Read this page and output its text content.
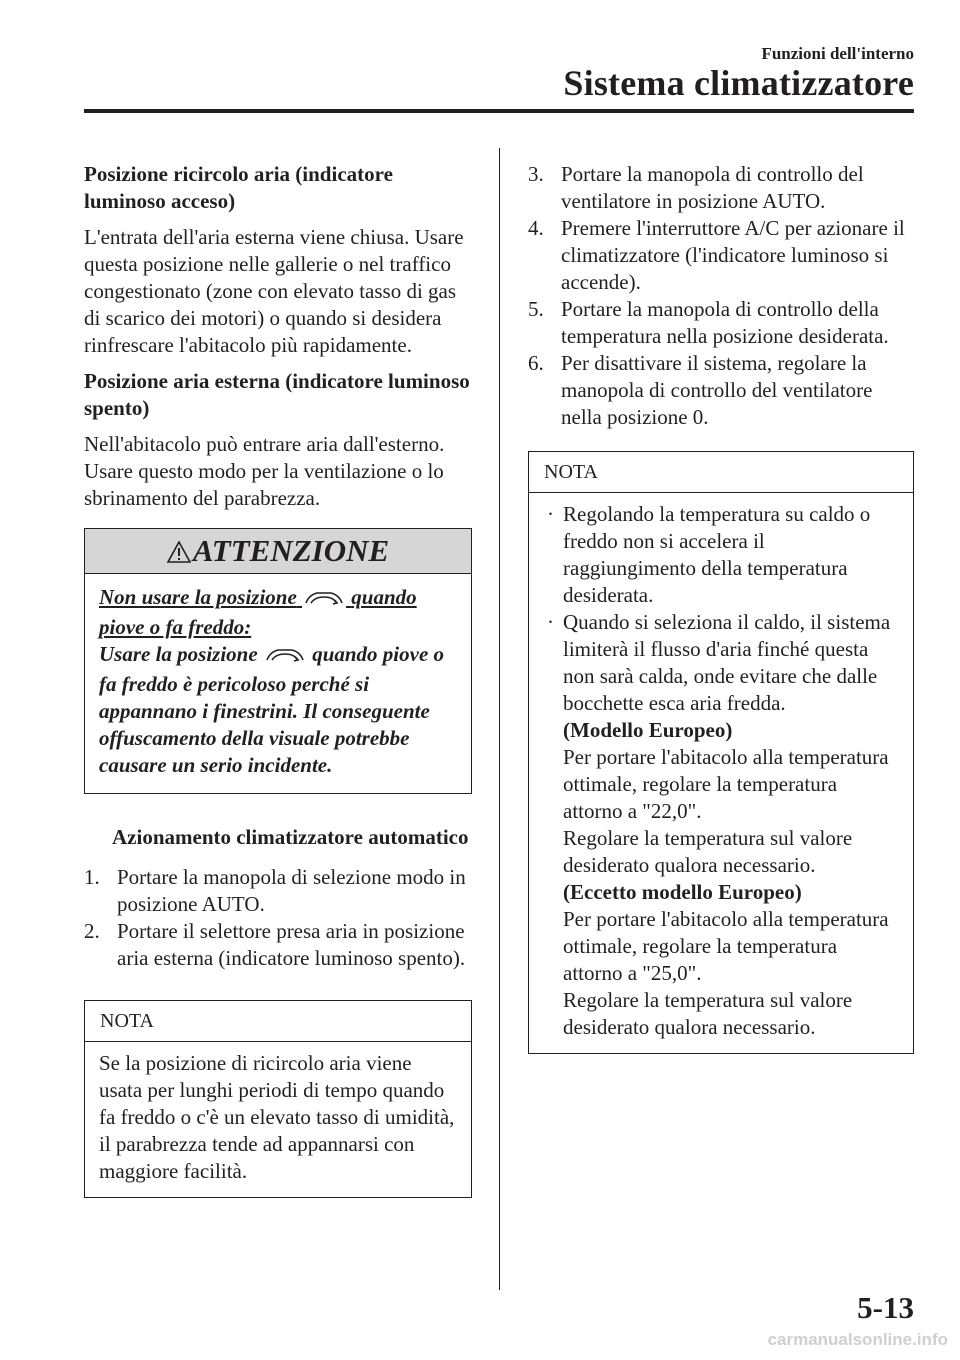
Funzioni dell'interno
Sistema climatizzatore
Posizione ricircolo aria (indicatore luminoso acceso)
L'entrata dell'aria esterna viene chiusa. Usare questa posizione nelle gallerie o nel traffico congestionato (zone con elevato tasso di gas di scarico dei motori) o quando si desidera rinfrescare l'abitacolo più rapidamente.
Posizione aria esterna (indicatore luminoso spento)
Nell'abitacolo può entrare aria dall'esterno. Usare questo modo per la ventilazione o lo sbrinamento del parabrezza.
ATTENZIONE
Non usare la posizione	quando piove o fa freddo:
Usare la posizione	quando piove o fa freddo è pericoloso perché si appannano i finestrini. Il conseguente offuscamento della visuale potrebbe causare un serio incidente.
Azionamento climatizzatore automatico
1. Portare la manopola di selezione modo in posizione AUTO.
2. Portare il selettore presa aria in posizione aria esterna (indicatore luminoso spento).
NOTA
Se la posizione di ricircolo aria viene usata per lunghi periodi di tempo quando fa freddo o c'è un elevato tasso di umidità, il parabrezza tende ad appannarsi con maggiore facilità.
3. Portare la manopola di controllo del ventilatore in posizione AUTO.
4. Premere l'interruttore A/C per azionare il climatizzatore (l'indicatore luminoso si accende).
5. Portare la manopola di controllo della temperatura nella posizione desiderata.
6. Per disattivare il sistema, regolare la manopola di controllo del ventilatore nella posizione 0.
NOTA
· Regolando la temperatura su caldo o freddo non si accelera il raggiungimento della temperatura desiderata.
· Quando si seleziona il caldo, il sistema limiterà il flusso d'aria finché questa non sarà calda, onde evitare che dalle bocchette esca aria fredda.
(Modello Europeo)
Per portare l'abitacolo alla temperatura ottimale, regolare la temperatura attorno a "22,0".
Regolare la temperatura sul valore desiderato qualora necessario.
(Eccetto modello Europeo)
Per portare l'abitacolo alla temperatura ottimale, regolare la temperatura attorno a "25,0".
Regolare la temperatura sul valore desiderato qualora necessario.
5-13
carmanualsonline.info
